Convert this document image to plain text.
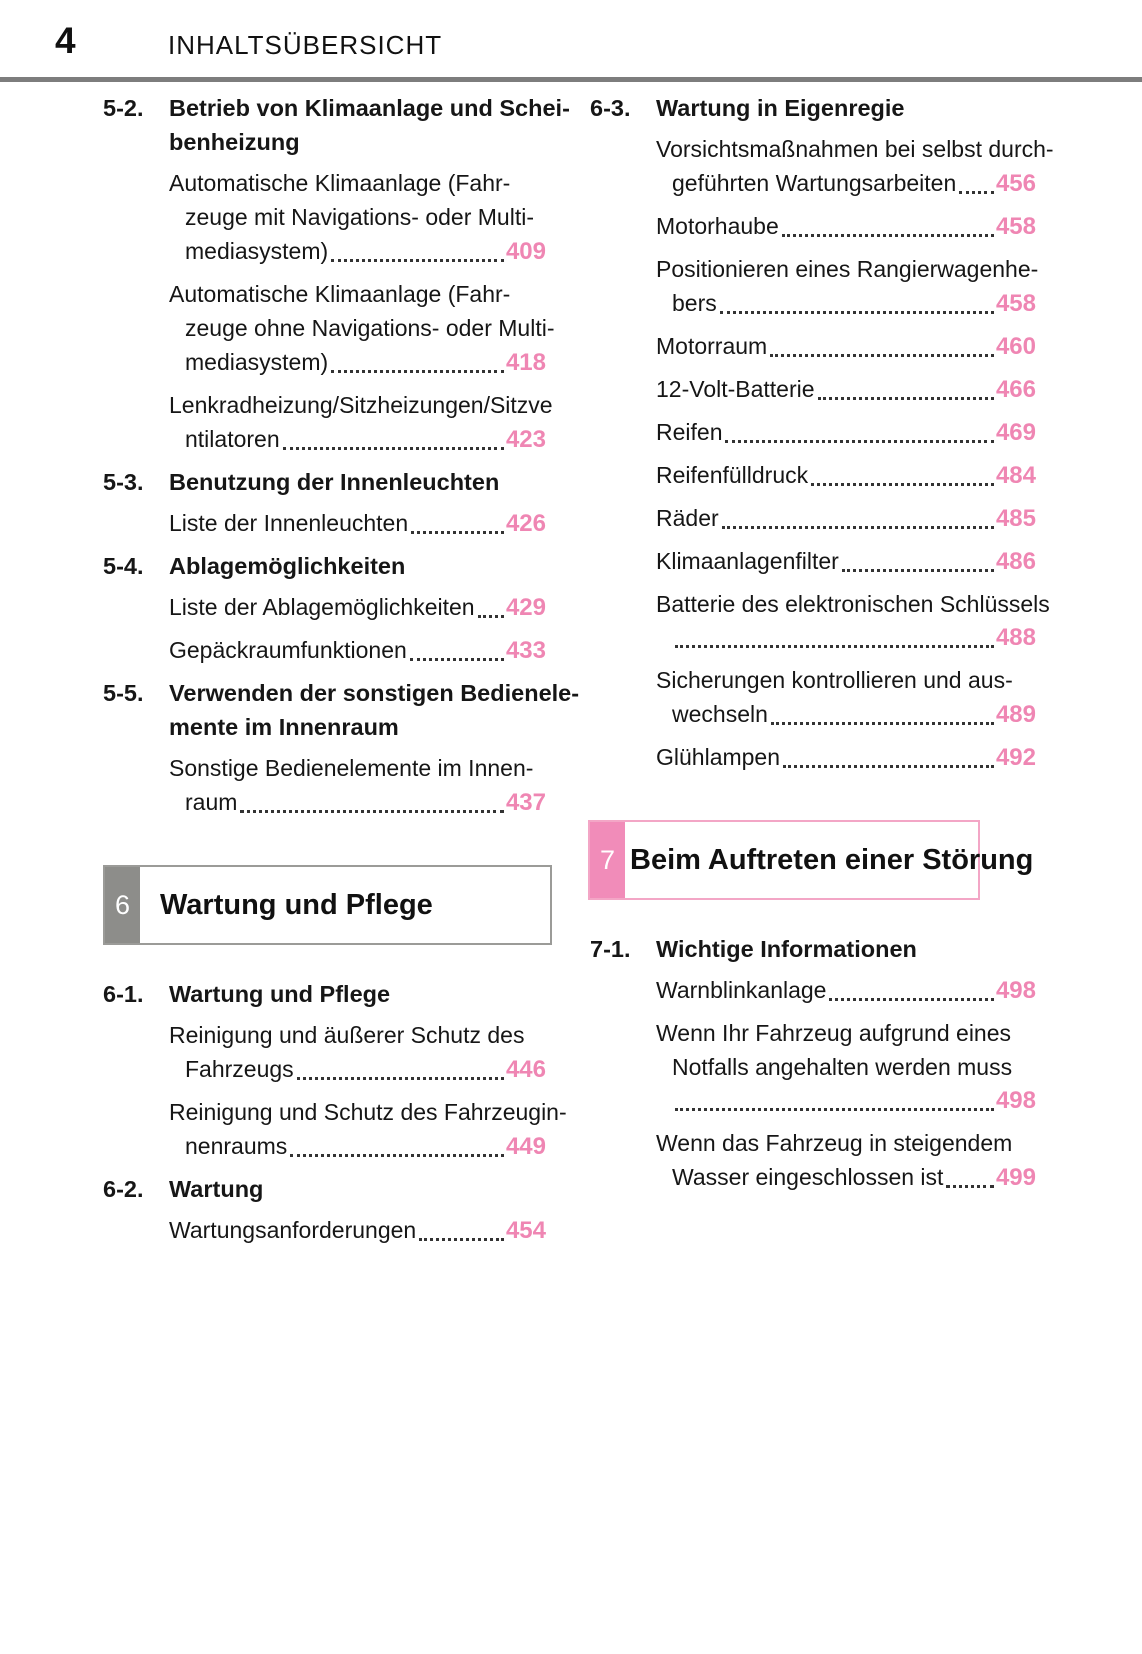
4	INHALTSÜBERSICHT
5-2.	Betrieb von Klimaanlage und Schei-
benheizung
Automatische Klimaanlage (Fahr-
zeuge mit Navigations- oder Multi-
mediasystem)	409
Automatische Klimaanlage (Fahr-
zeuge ohne Navigations- oder Multi-
mediasystem)	418
Lenkradheizung/Sitzheizungen/Sitzve
ntilatoren	423
5-3.	Benutzung der Innenleuchten
Liste der Innenleuchten	426
5-4.	Ablagemöglichkeiten
Liste der Ablagemöglichkeiten 429
Gepäckraumfunktionen	433
5-5.	Verwenden der sonstigen Bedienele-
mente im Innenraum
Sonstige Bedienelemente im Innen-
raum	437
6 Wartung und Pflege
6-1.	Wartung und Pflege
Reinigung und äußerer Schutz des
Fahrzeugs	446
Reinigung und Schutz des Fahrzeugin-
nenraums	449
6-2.	Wartung
Wartungsanforderungen	454
6-3.	Wartung in Eigenregie
Vorsichtsmaßnahmen bei selbst durch-
geführten Wartungsarbeiten 456
Motorhaube	458
Positionieren eines Rangierwagenhe-
bers	458
Motorraum	460
12-Volt-Batterie	466
Reifen	469
Reifenfülldruck	484
Räder	485
Klimaanlagenfilter	486
Batterie des elektronischen Schlüssels
488
Sicherungen kontrollieren und aus-
wechseln	489
Glühlampen	492
7 Beim Auftreten einer Störung
7-1.	Wichtige Informationen
Warnblinkanlage	498
Wenn Ihr Fahrzeug aufgrund eines
Notfalls angehalten werden muss
498
Wenn das Fahrzeug in steigendem
Wasser eingeschlossen ist 499
